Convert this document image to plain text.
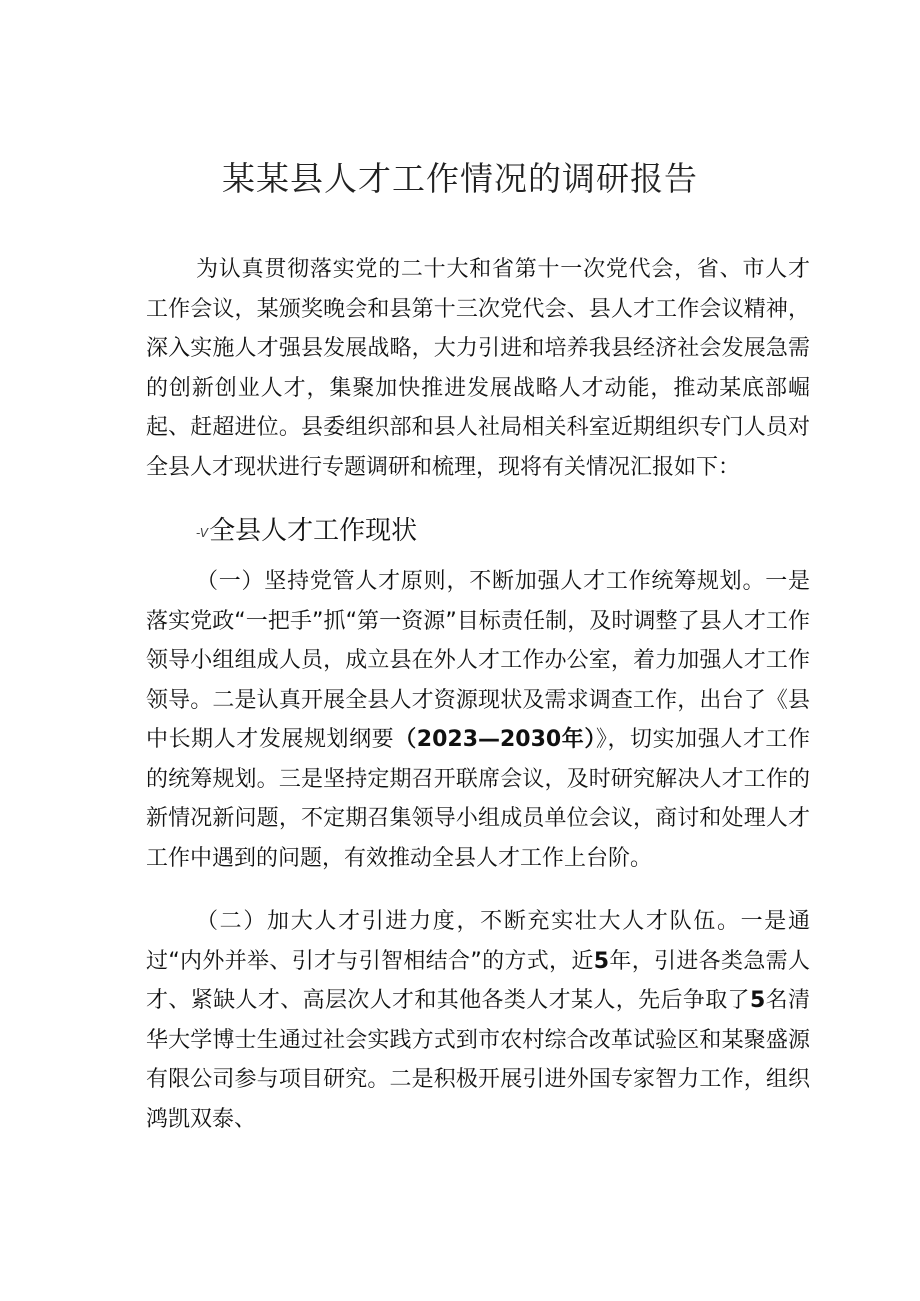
某某县人才工作情况的调研报告

为认真贯彻落实党的二十大和省第十一次党代会，省、市人才工作会议，某颁奖晚会和县第十三次党代会、县人才工作会议精神，深入实施人才强县发展战略，大力引进和培养我县经济社会发展急需的创新创业人才，集聚加快推进发展战略人才动能，推动某底部崛起、赶超进位。县委组织部和县人社局相关科室近期组织专门人员对全县人才现状进行专题调研和梳理，现将有关情况汇报如下：

-V全县人才工作现状

（一）坚持党管人才原则，不断加强人才工作统筹规划。一是落实党政“一把手”抓“第一资源”目标责任制，及时调整了县人才工作领导小组组成人员，成立县在外人才工作办公室，着力加强人才工作领导。二是认真开展全县人才资源现状及需求调查工作，出台了《县中长期人才发展规划纲要（2023—2030年）》，切实加强人才工作的统筹规划。三是坚持定期召开联席会议，及时研究解决人才工作的新情况新问题，不定期召集领导小组成员单位会议，商讨和处理人才工作中遇到的问题，有效推动全县人才工作上台阶。

（二）加大人才引进力度，不断充实壮大人才队伍。一是通过“内外并举、引才与引智相结合”的方式，近5年，引进各类急需人才、紧缺人才、高层次人才和其他各类人才某人，先后争取了5名清华大学博士生通过社会实践方式到市农村综合改革试验区和某聚盛源有限公司参与项目研究。二是积极开展引进外国专家智力工作，组织鸿凯双泰、
